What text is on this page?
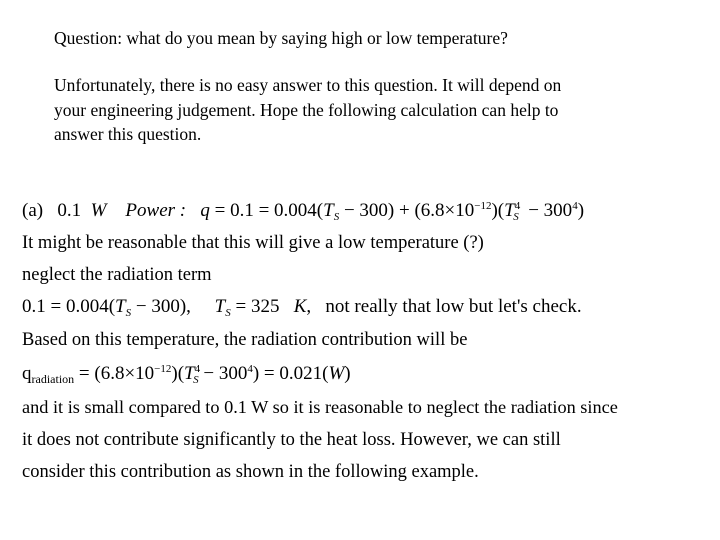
Question: what do you mean by saying high or low temperature?
Unfortunately, there is no easy answer to this question. It will depend on
your engineering judgement. Hope the following calculation can help to
answer this question.
(a) 0.1 W Power : $q = 0.1 = 0.004(T_S - 300) + (6.8\times 10^{-12})(T^4_S - 300^4)$
It might be reasonable that this will give a low temperature (?)
neglect the radiation term
$0.1 = 0.004(T_S - 300)$, $T_S = 325$ K,   not really that low but let's check.
Based on this temperature, the radiation contribution will be
$q_{radiation} = (6.8\times 10^{-12})(T^4_S - 300^4) = 0.021(W)$
and it is small compared to 0.1 W so it is reasonable to neglect the radiation since
it does not contribute significantly to the heat loss. However, we can still
consider this contribution as shown in the following example.
